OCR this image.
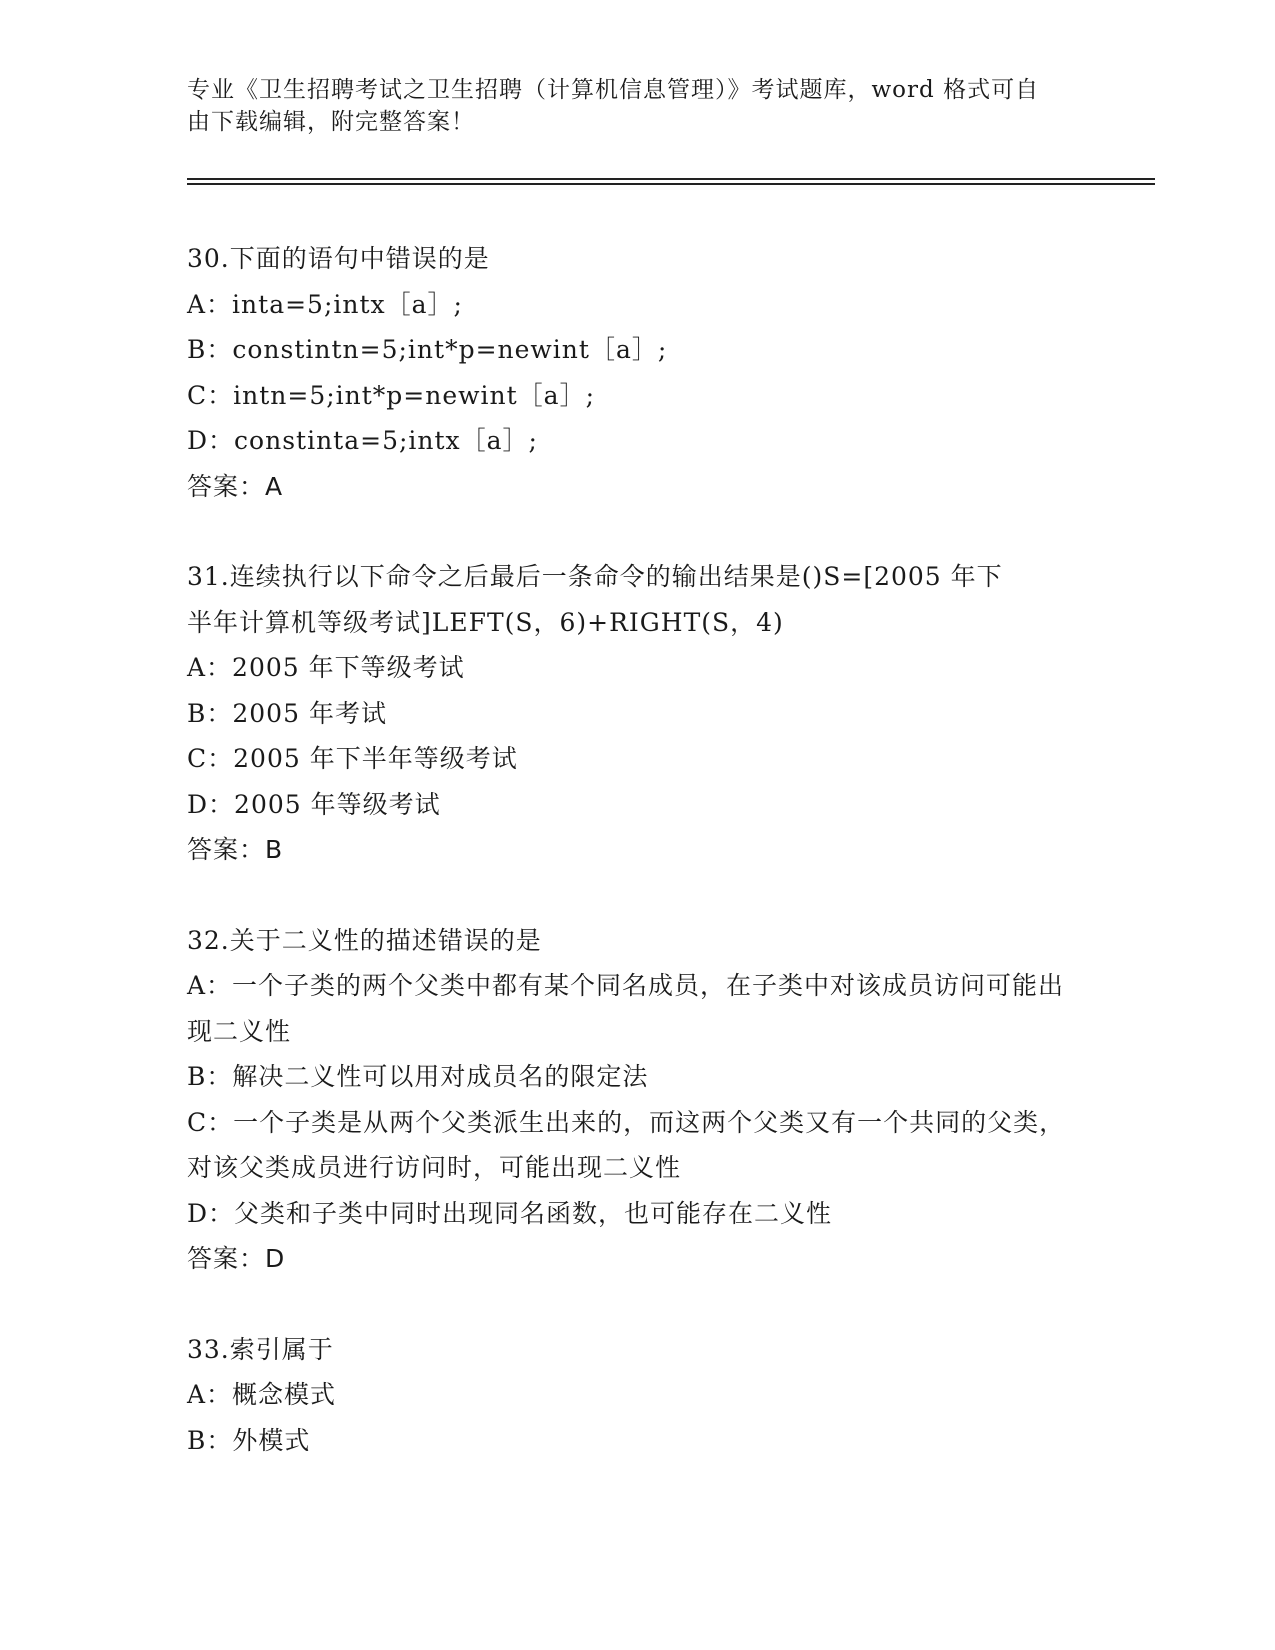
专业《卫生招聘考试之卫生招聘（计算机信息管理）》考试题库，word 格式可自
由下载编辑，附完整答案！
30.下面的语句中错误的是
A：inta=5;intx［a］;
B：constintn=5;int*p=newint［a］;
C：intn=5;int*p=newint［a］;
D：constinta=5;intx［a］;
答案：A
31.连续执行以下命令之后最后一条命令的输出结果是()S=[2005 年下
半年计算机等级考试]LEFT(S，6)+RIGHT(S，4)
A：2005 年下等级考试
B：2005 年考试
C：2005 年下半年等级考试
D：2005 年等级考试
答案：B
32.关于二义性的描述错误的是
A：一个子类的两个父类中都有某个同名成员，在子类中对该成员访问可能出现二义性
B：解决二义性可以用对成员名的限定法
C：一个子类是从两个父类派生出来的，而这两个父类又有一个共同的父类，对该父类成员进行访问时，可能出现二义性
D：父类和子类中同时出现同名函数，也可能存在二义性
答案：D
33.索引属于
A：概念模式
B：外模式
